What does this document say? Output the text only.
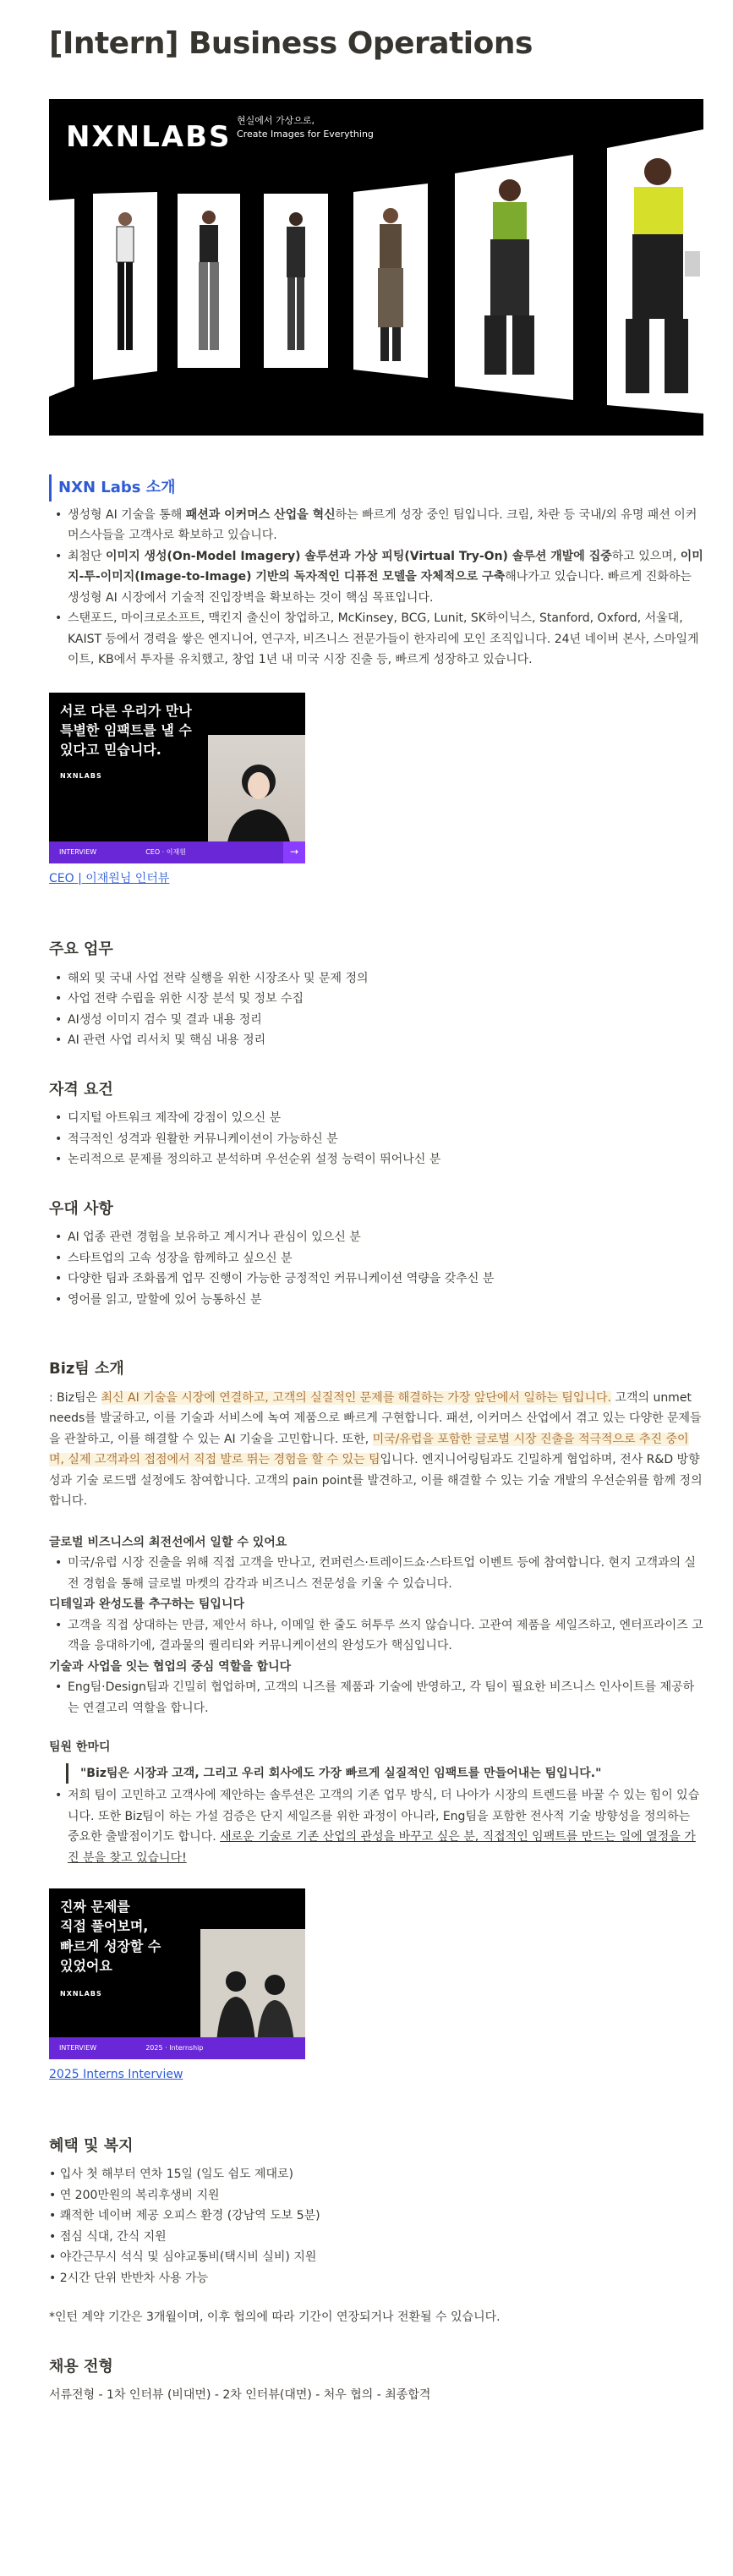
[Intern] Business Operations
NXNLABS 현실에서 가상으로,
Create Images for Everything
NXN Labs 소개
• 생성형 AI 기술을 통해 패션과 이커머스 산업을 혁신하는 빠르게 성장 중인 팀입니다. 크림, 차란 등 국내/외 유명 패션 이커머스사들을 고객사로 확보하고 있습니다.
• 최첨단 이미지 생성(On-Model Imagery) 솔루션과 가상 피팅(Virtual Try-On) 솔루션 개발에 집중하고 있으며, 이미지-투-이미지(Image-to-Image) 기반의 독자적인 디퓨전 모델을 자체적으로 구축해나가고 있습니다. 빠르게 진화하는 생성형 AI 시장에서 기술적 진입장벽을 확보하는 것이 핵심 목표입니다.
• 스탠포드, 마이크로소프트, 맥킨지 출신이 창업하고, McKinsey, BCG, Lunit, SK하이닉스, Stanford, Oxford, 서울대, KAIST 등에서 경력을 쌓은 엔지니어, 연구자, 비즈니스 전문가들이 한자리에 모인 조직입니다. 24년 네이버 본사, 스마일게이트, KB에서 투자를 유치했고, 창업 1년 내 미국 시장 진출 등, 빠르게 성장하고 있습니다.
서로 다른 우리가 만나
특별한 임팩트를 낼 수
있다고 믿습니다.
NXNLABS
INTERVIEW	CEO · 이재원	→
CEO | 이재원님 인터뷰
주요 업무
• 해외 및 국내 사업 전략 실행을 위한 시장조사 및 문제 정의
• 사업 전략 수립을 위한 시장 분석 및 정보 수집
• AI생성 이미지 검수 및 결과 내용 정리
• AI 관련 사업 리서치 및 핵심 내용 정리
자격 요건
• 디지털 아트워크 제작에 강점이 있으신 분
• 적극적인 성격과 원활한 커뮤니케이션이 가능하신 분
• 논리적으로 문제를 정의하고 분석하며 우선순위 설정 능력이 뛰어나신 분
우대 사항
• AI 업종 관련 경험을 보유하고 계시거나 관심이 있으신 분
• 스타트업의 고속 성장을 함께하고 싶으신 분
• 다양한 팀과 조화롭게 업무 진행이 가능한 긍정적인 커뮤니케이션 역량을 갖추신 분
• 영어를 읽고, 말할에 있어 능통하신 분
Biz팀 소개

: Biz팀은 최신 AI 기술을 시장에 연결하고, 고객의 실질적인 문제를 해결하는 가장 앞단에서 일하는 팀입니다. 고객의 unmet needs를 발굴하고, 이를 기술과 서비스에 녹여 제품으로 빠르게 구현합니다. 패션, 이커머스 산업에서 겪고 있는 다양한 문제들을 관찰하고, 이를 해결할 수 있는 AI 기술을 고민합니다. 또한, 미국/유럽을 포함한 글로벌 시장 진출을 적극적으로 추진 중이며, 실제 고객과의 접점에서 직접 발로 뛰는 경험을 할 수 있는 팀입니다. 엔지니어링팀과도 긴밀하게 협업하며, 전사 R&D 방향성과 기술 로드맵 설정에도 참여합니다. 고객의 pain point를 발견하고, 이를 해결할 수 있는 기술 개발의 우선순위를 함께 정의합니다.

글로벌 비즈니스의 최전선에서 일할 수 있어요
• 미국/유럽 시장 진출을 위해 직접 고객을 만나고, 컨퍼런스·트레이드쇼·스타트업 이벤트 등에 참여합니다. 현지 고객과의 실전 경험을 통해 글로벌 마켓의 감각과 비즈니스 전문성을 키울 수 있습니다.
디테일과 완성도를 추구하는 팀입니다
• 고객을 직접 상대하는 만큼, 제안서 하나, 이메일 한 줄도 허투루 쓰지 않습니다. 고관여 제품을 세일즈하고, 엔터프라이즈 고객을 응대하기에, 결과물의 퀄리티와 커뮤니케이션의 완성도가 핵심입니다.
기술과 사업을 잇는 협업의 중심 역할을 합니다
• Eng팀·Design팀과 긴밀히 협업하며, 고객의 니즈를 제품과 기술에 반영하고, 각 팀이 필요한 비즈니스 인사이트를 제공하는 연결고리 역할을 합니다.
팀원 한마디
"Biz팀은 시장과 고객, 그리고 우리 회사에도 가장 빠르게 실질적인 임팩트를 만들어내는 팀입니다."
• 저희 팀이 고민하고 고객사에 제안하는 솔루션은 고객의 기존 업무 방식, 더 나아가 시장의 트렌드를 바꿀 수 있는 힘이 있습니다. 또한 Biz팀이 하는 가설 검증은 단지 세일즈를 위한 과정이 아니라, Eng팀을 포함한 전사적 기술 방향성을 정의하는 중요한 출발점이기도 합니다. 새로운 기술로 기존 산업의 관성을 바꾸고 싶은 분, 직접적인 임팩트를 만드는 일에 열정을 가진 분을 찾고 있습니다!
진짜 문제를
직접 풀어보며,
빠르게 성장할 수
있었어요
NXNLABS
INTERVIEW	2025 · Internship
2025 Interns Interview
혜택 및 복지
• 입사 첫 해부터 연차 15일 (일도 쉼도 제대로)
• 연 200만원의 복리후생비 지원
• 쾌적한 네이버 제공 오피스 환경 (강남역 도보 5분)
• 점심 식대, 간식 지원
• 야간근무시 석식 및 심야교통비(택시비 실비) 지원
• 2시간 단위 반반차 사용 가능

*인턴 계약 기간은 3개월이며, 이후 협의에 따라 기간이 연장되거나 전환될 수 있습니다.

채용 전형

서류전형 - 1차 인터뷰 (비대면) - 2차 인터뷰(대면) - 처우 협의 - 최종합격
